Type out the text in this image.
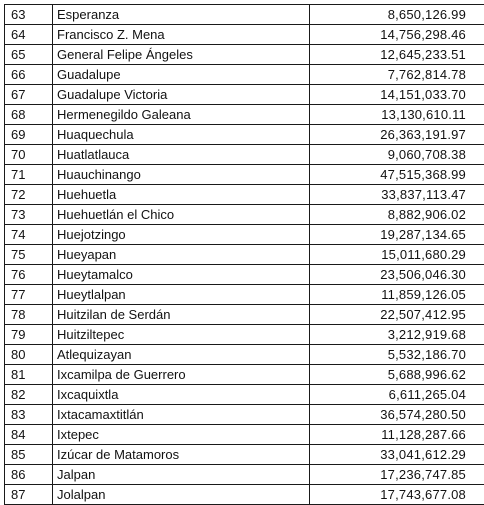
63	Esperanza	8,650,126.99
64	Francisco Z. Mena	14,756,298.46
65	General Felipe Ángeles	12,645,233.51
66	Guadalupe	7,762,814.78
67	Guadalupe Victoria	14,151,033.70
68	Hermenegildo Galeana	13,130,610.11
69	Huaquechula	26,363,191.97
70	Huatlatlauca	9,060,708.38
71	Huauchinango	47,515,368.99
72	Huehuetla	33,837,113.47
73	Huehuetlán el Chico	8,882,906.02
74	Huejotzingo	19,287,134.65
75	Hueyapan	15,011,680.29
76	Hueytamalco	23,506,046.30
77	Hueytlalpan	11,859,126.05
78	Huitzilan de Serdán	22,507,412.95
79	Huitziltepec	3,212,919.68
80	Atlequizayan	5,532,186.70
81	Ixcamilpa de Guerrero	5,688,996.62
82	Ixcaquixtla	6,611,265.04
83	Ixtacamaxtitlán	36,574,280.50
84	Ixtepec	11,128,287.66
85	Izúcar de Matamoros	33,041,612.29
86	Jalpan	17,236,747.85
87	Jolalpan	17,743,677.08
